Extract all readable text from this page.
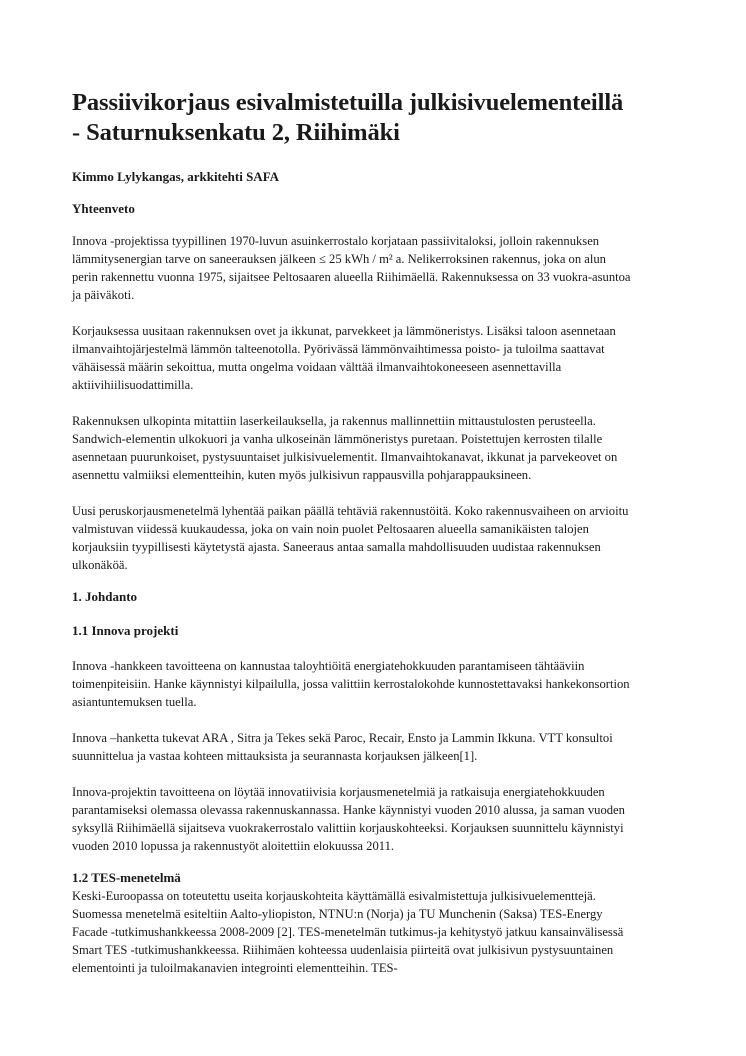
Passiivikorjaus esivalmistetuilla julkisivuelementeillä - Saturnuksenkatu 2, Riihimäki
Kimmo Lylykangas, arkkitehti SAFA
Yhteenveto

Innova -projektissa tyypillinen 1970-luvun asuinkerrostalo korjataan passiivitaloksi, jolloin rakennuksen lämmitysenergian tarve on saneerauksen jälkeen ≤ 25 kWh / m² a. Nelikerroksinen rakennus, joka on alun perin rakennettu vuonna 1975, sijaitsee Peltosaaren alueella Riihimäellä. Rakennuksessa on 33 vuokra-asuntoa ja päiväkoti.

Korjauksessa uusitaan rakennuksen ovet ja ikkunat, parvekkeet ja lämmöneristys. Lisäksi taloon asennetaan ilmanvaihtojärjestelmä lämmön talteenotolla. Pyörivässä lämmönvaihtimessa poisto- ja tuloilma saattavat vähäisessä määrin sekoittua, mutta ongelma voidaan välttää ilmanvaihtokoneeseen asennettavilla aktiivihiilisuodattimilla.

Rakennuksen ulkopinta mitattiin laserkeilauksella, ja rakennus mallinnettiin mittaustulosten perusteella. Sandwich-elementin ulkokuori ja vanha ulkoseinän lämmöneristys puretaan. Poistettujen kerrosten tilalle asennetaan puurunkoiset, pystysuuntaiset julkisivuelementit. Ilmanvaihtokanavat, ikkunat ja parvekeovet on asennettu valmiiksi elementteihin, kuten myös julkisivun rappausvilla pohjarappauksineen.

Uusi peruskorjausmenetelmä lyhentää paikan päällä tehtäviä rakennustöitä. Koko rakennusvaiheen on arvioitu valmistuvan viidessä kuukaudessa, joka on vain noin puolet Peltosaaren alueella samanikäisten talojen korjauksiin tyypillisesti käytetystä ajasta. Saneeraus antaa samalla mahdollisuuden uudistaa rakennuksen ulkonäköä.

1. Johdanto
1.1 Innova projekti

Innova -hankkeen tavoitteena on kannustaa taloyhtiöitä energiatehokkuuden parantamiseen tähtääviin toimenpiteisiin. Hanke käynnistyi kilpailulla, jossa valittiin kerrostalokohde kunnostettavaksi hankekonsortion asiantuntemuksen tuella.

Innova –hanketta tukevat ARA , Sitra ja Tekes sekä Paroc, Recair, Ensto ja Lammin Ikkuna. VTT konsultoi suunnittelua ja vastaa kohteen mittauksista ja seurannasta korjauksen jälkeen[1].

Innova-projektin tavoitteena on löytää innovatiivisia korjausmenetelmiä ja ratkaisuja energiatehokkuuden parantamiseksi olemassa olevassa rakennuskannassa. Hanke käynnistyi vuoden 2010 alussa, ja saman vuoden syksyllä Riihimäellä sijaitseva vuokrakerrostalo valittiin korjauskohteeksi. Korjauksen suunnittelu käynnistyi vuoden 2010 lopussa ja rakennustyöt aloitettiin elokuussa 2011.

1.2 TES-menetelmä

Keski-Euroopassa on toteutettu useita korjauskohteita käyttämällä esivalmistettuja julkisivuelementtejä. Suomessa menetelmä esiteltiin Aalto-yliopiston, NTNU:n (Norja) ja TU Munchenin (Saksa) TES-Energy Facade -tutkimushankkeessa 2008-2009 [2]. TES-menetelmän tutkimus-ja kehitystyö jatkuu kansainvälisessä Smart TES -tutkimushankkeessa. Riihimäen kohteessa uudenlaisia piirteitä ovat julkisivun pystysuuntainen elementointi ja tuloilmakanavien integrointi elementteihin. TES-
